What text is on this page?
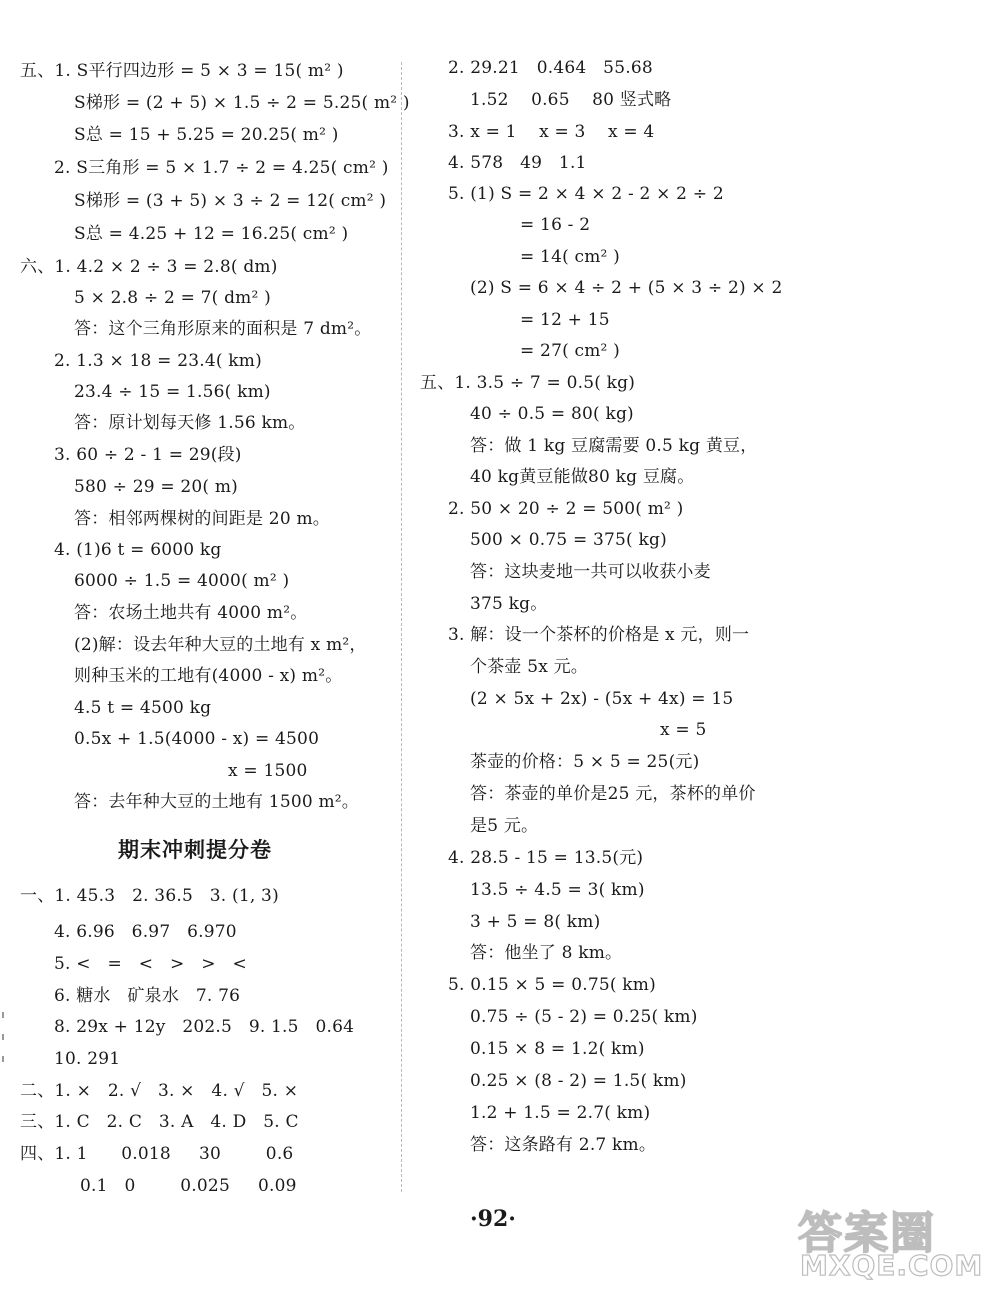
五、1. S平行四边形 = 5 × 3 = 15( m² )
S梯形 = (2 + 5) × 1.5 ÷ 2 = 5.25( m² )
S总 = 15 + 5.25 = 20.25( m² )
2. S三角形 = 5 × 1.7 ÷ 2 = 4.25( cm² )
S梯形 = (3 + 5) × 3 ÷ 2 = 12( cm² )
S总 = 4.25 + 12 = 16.25( cm² )
六、1. 4.2 × 2 ÷ 3 = 2.8( dm)
5 × 2.8 ÷ 2 = 7( dm² )
答：这个三角形原来的面积是 7 dm²。
2. 1.3 × 18 = 23.4( km)
23.4 ÷ 15 = 1.56( km)
答：原计划每天修 1.56 km。
3. 60 ÷ 2 - 1 = 29(段)
580 ÷ 29 = 20( m)
答：相邻两棵树的间距是 20 m。
4. (1)6 t = 6000 kg
6000 ÷ 1.5 = 4000( m² )
答：农场土地共有 4000 m²。
(2)解：设去年种大豆的土地有 x m²，
则种玉米的工地有(4000 - x) m²。
4.5 t = 4500 kg
0.5x + 1.5(4000 - x) = 4500
x = 1500
答：去年种大豆的土地有 1500 m²。
期末冲刺提分卷
一、1. 45.3   2. 36.5   3. (1, 3)
4. 6.96   6.97   6.970
5. <   =   <   >   >   <
6. 糖水   矿泉水   7. 76
8. 29x + 12y   202.5   9. 1.5   0.64
10. 291
二、1. ×   2. √   3. ×   4. √   5. ×
三、1. C   2. C   3. A   4. D   5. C
四、1. 1      0.018     30        0.6
0.1   0        0.025     0.09
2. 29.21   0.464   55.68
1.52    0.65    80 竖式略
3. x = 1    x = 3    x = 4
4. 578   49   1.1
5. (1) S = 2 × 4 × 2 - 2 × 2 ÷ 2
= 16 - 2
= 14( cm² )
(2) S = 6 × 4 ÷ 2 + (5 × 3 ÷ 2) × 2
= 12 + 15
= 27( cm² )
五、1. 3.5 ÷ 7 = 0.5( kg)
40 ÷ 0.5 = 80( kg)
答：做 1 kg 豆腐需要 0.5 kg 黄豆，
40 kg黄豆能做80 kg 豆腐。
2. 50 × 20 ÷ 2 = 500( m² )
500 × 0.75 = 375( kg)
答：这块麦地一共可以收获小麦
375 kg。
3. 解：设一个茶杯的价格是 x 元，则一
个茶壶 5x 元。
(2 × 5x + 2x) - (5x + 4x) = 15
x = 5
茶壶的价格：5 × 5 = 25(元)
答：茶壶的单价是25 元，茶杯的单价
是5 元。
4. 28.5 - 15 = 13.5(元)
13.5 ÷ 4.5 = 3( km)
3 + 5 = 8( km)
答：他坐了 8 km。
5. 0.15 × 5 = 0.75( km)
0.75 ÷ (5 - 2) = 0.25( km)
0.15 × 8 = 1.2( km)
0.25 × (8 - 2) = 1.5( km)
1.2 + 1.5 = 2.7( km)
答：这条路有 2.7 km。
·92·	答案圈
MXQE.COM
